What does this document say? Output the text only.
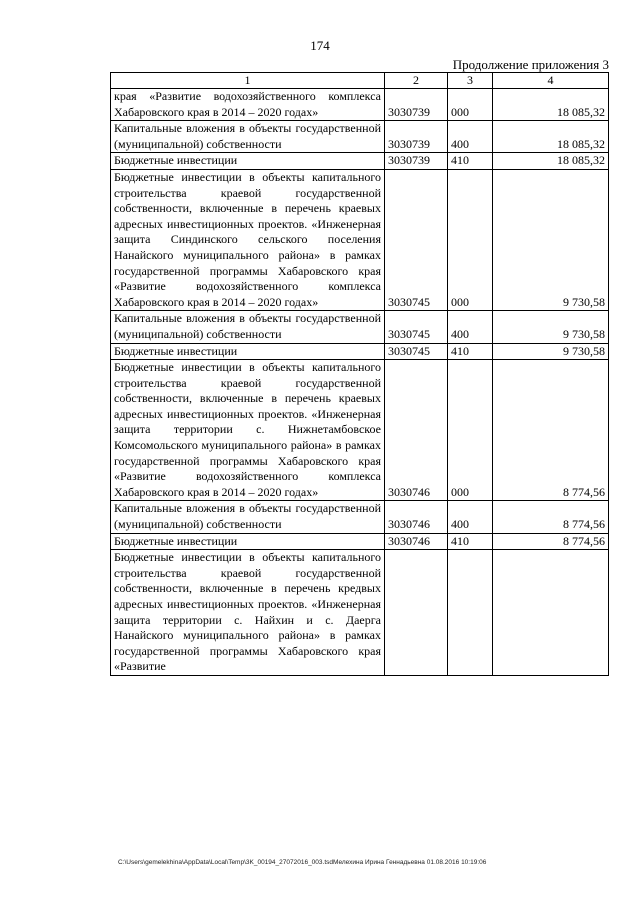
174
Продолжение приложения 3
1	2	3	4
края «Развитие водохозяйственного комплекса Хабаровского края в 2014 – 2020 годах»	3030739	000	18 085,32
Капитальные вложения в объекты государственной (муниципальной) собственности	3030739	400	18 085,32
Бюджетные инвестиции	3030739	410	18 085,32
Бюджетные инвестиции в объекты капитального строительства краевой государственной собственности, включенные в перечень краевых адресных инвестиционных проектов. «Инженерная защита Синдинского сельского поселения Нанайского муниципального района» в рамках государственной программы Хабаровского края «Развитие водохозяйственного комплекса Хабаровского края в 2014 – 2020 годах»	3030745	000	9 730,58
Капитальные вложения в объекты государственной (муниципальной) собственности	3030745	400	9 730,58
Бюджетные инвестиции	3030745	410	9 730,58
Бюджетные инвестиции в объекты капитального строительства краевой государственной собственности, включенные в перечень краевых адресных инвестиционных проектов. «Инженерная защита территории с. Нижнетамбовское Комсомольского муниципального района» в рамках государственной программы Хабаровского края «Развитие водохозяйственного комплекса Хабаровского края в 2014 – 2020 годах»	3030746	000	8 774,56
Капитальные вложения в объекты государственной (муниципальной) собственности	3030746	400	8 774,56
Бюджетные инвестиции	3030746	410	8 774,56
Бюджетные инвестиции в объекты капитального строительства краевой государственной собственности, включенные в перечень кредвых адресных инвестиционных проектов. «Инженерная защита территории с. Найхин и с. Даерга Нанайского муниципального района» в рамках государственной программы Хабаровского края «Развитие			
C:\Users\gemelekhina\AppData\Local\Temp\3K_00194_27072016_003.tsdМелехина Ирина Геннадьевна 01.08.2016 10:19:06
